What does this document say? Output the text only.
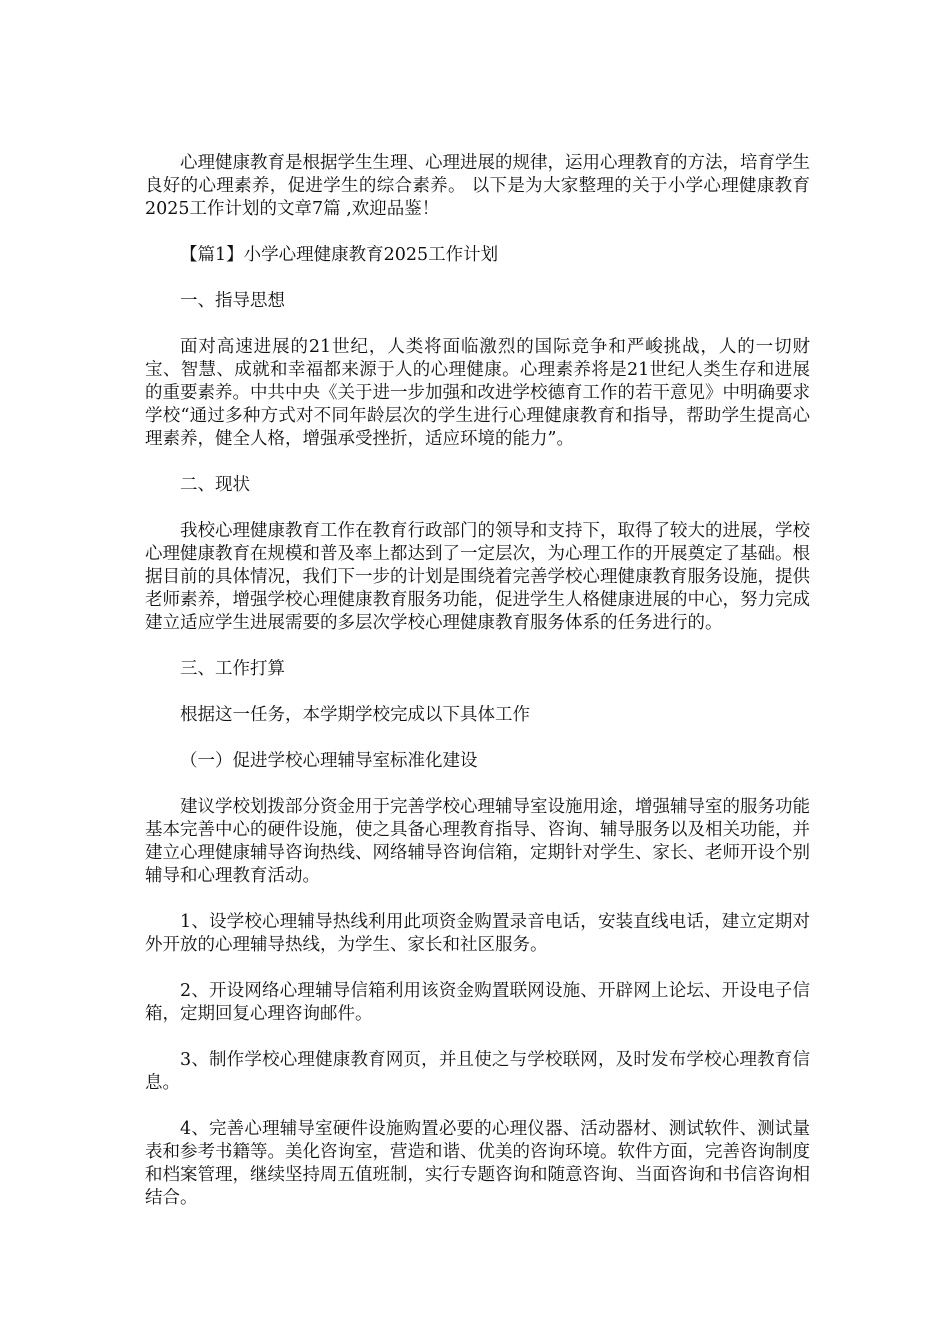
心理健康教育是根据学生生理、心理进展的规律，运用心理教育的方法，培育学生良好的心理素养，促进学生的综合素养。 以下是为大家整理的关于小学心理健康教育2025工作计划的文章7篇 ,欢迎品鉴！

【篇1】小学心理健康教育2025工作计划

一、指导思想

面对高速进展的21世纪，人类将面临激烈的国际竞争和严峻挑战，人的一切财宝、智慧、成就和幸福都来源于人的心理健康。心理素养将是21世纪人类生存和进展的重要素养。中共中央《关于进一步加强和改进学校德育工作的若干意见》中明确要求学校“通过多种方式对不同年龄层次的学生进行心理健康教育和指导，帮助学生提高心理素养，健全人格，增强承受挫折，适应环境的能力”。

二、现状

我校心理健康教育工作在教育行政部门的领导和支持下，取得了较大的进展，学校心理健康教育在规模和普及率上都达到了一定层次，为心理工作的开展奠定了基础。根据目前的具体情况，我们下一步的计划是围绕着完善学校心理健康教育服务设施，提供老师素养，增强学校心理健康教育服务功能，促进学生人格健康进展的中心，努力完成建立适应学生进展需要的多层次学校心理健康教育服务体系的任务进行的。

三、工作打算

根据这一任务，本学期学校完成以下具体工作

（一）促进学校心理辅导室标准化建设

建议学校划拨部分资金用于完善学校心理辅导室设施用途，增强辅导室的服务功能基本完善中心的硬件设施，使之具备心理教育指导、咨询、辅导服务以及相关功能，并建立心理健康辅导咨询热线、网络辅导咨询信箱，定期针对学生、家长、老师开设个别辅导和心理教育活动。

1、设学校心理辅导热线利用此项资金购置录音电话，安装直线电话，建立定期对外开放的心理辅导热线，为学生、家长和社区服务。

2、开设网络心理辅导信箱利用该资金购置联网设施、开辟网上论坛、开设电子信箱，定期回复心理咨询邮件。

3、制作学校心理健康教育网页，并且使之与学校联网，及时发布学校心理教育信息。

4、完善心理辅导室硬件设施购置必要的心理仪器、活动器材、测试软件、测试量表和参考书籍等。美化咨询室，营造和谐、优美的咨询环境。软件方面，完善咨询制度和档案管理，继续坚持周五值班制，实行专题咨询和随意咨询、当面咨询和书信咨询相结合。
